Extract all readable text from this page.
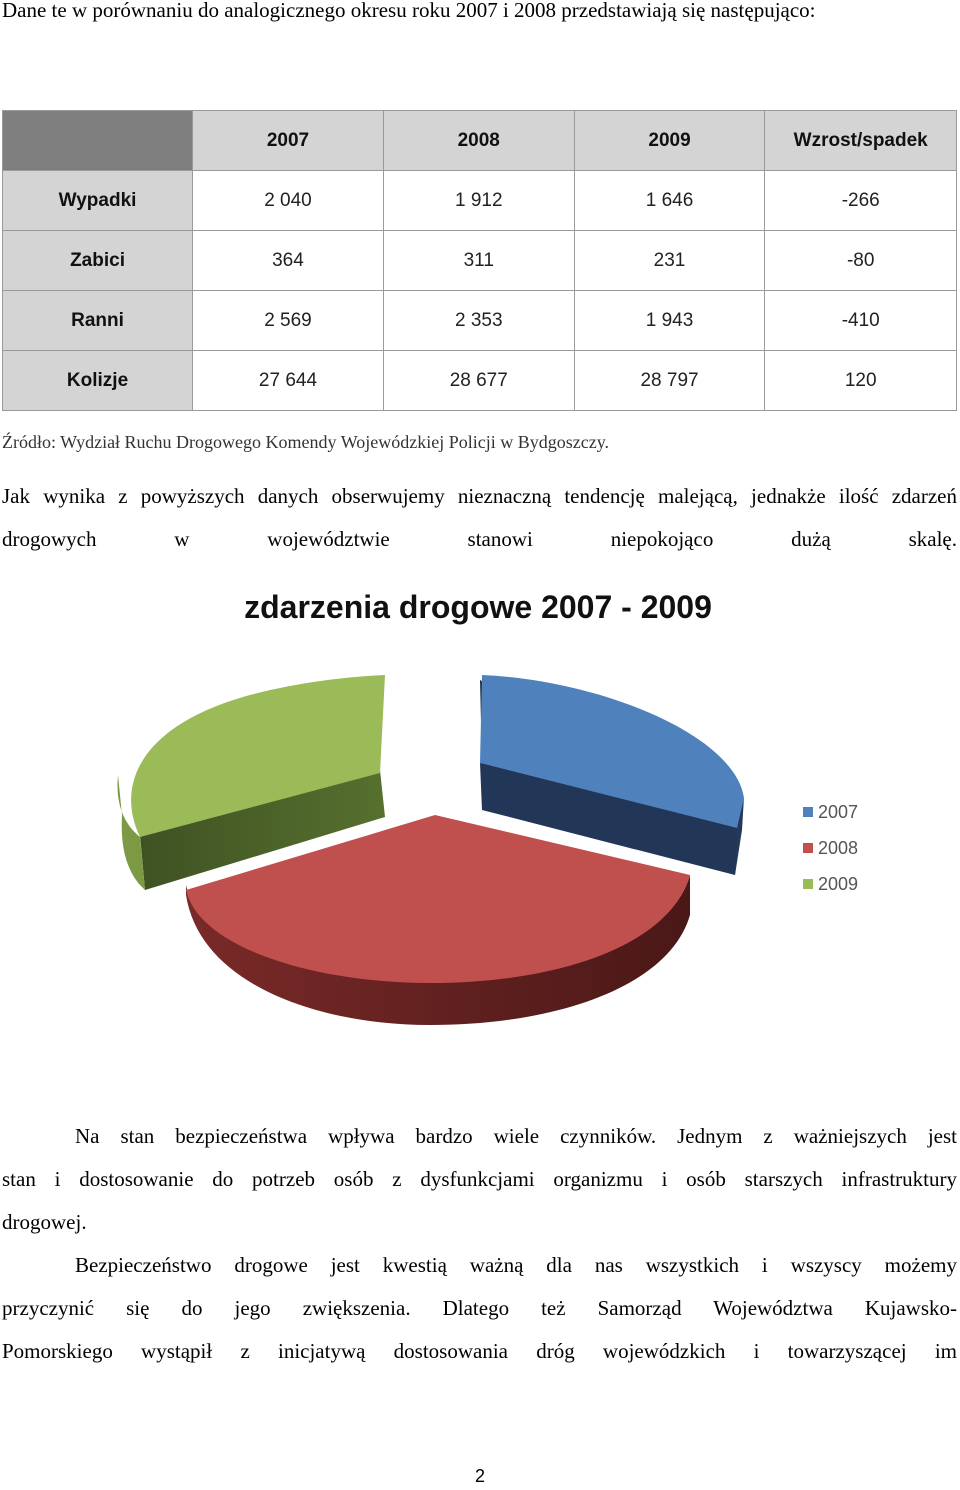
Dane te w porównaniu do analogicznego okresu roku 2007 i 2008 przedstawiają się następująco:

	2007	2008	2009	Wzrost/spadek
Wypadki	2 040	1 912	1 646	-266
Zabici	364	311	231	-80
Ranni	2 569	2 353	1 943	-410
Kolizje	27 644	28 677	28 797	120
Źródło: Wydział Ruchu Drogowego Komendy Wojewódzkiej Policji w Bydgoszczy.

Jak wynika z powyższych danych obserwujemy nieznaczną tendencję malejącą, jednakże ilość zdarzeń drogowych w województwie stanowi niepokojąco dużą skalę.

zdarzenia drogowe 2007 - 2009
2007
2008
2009
Na stan bezpieczeństwa wpływa bardzo wiele czynników. Jednym z ważniejszych jest
stan i dostosowanie do potrzeb osób z dysfunkcjami organizmu i osób starszych infrastruktury
drogowej.
Bezpieczeństwo drogowe jest kwestią ważną dla nas wszystkich i wszyscy możemy
przyczynić się do jego zwiększenia. Dlatego też Samorząd Województwa Kujawsko-
Pomorskiego wystąpił z inicjatywą dostosowania dróg wojewódzkich i towarzyszącej im
2
